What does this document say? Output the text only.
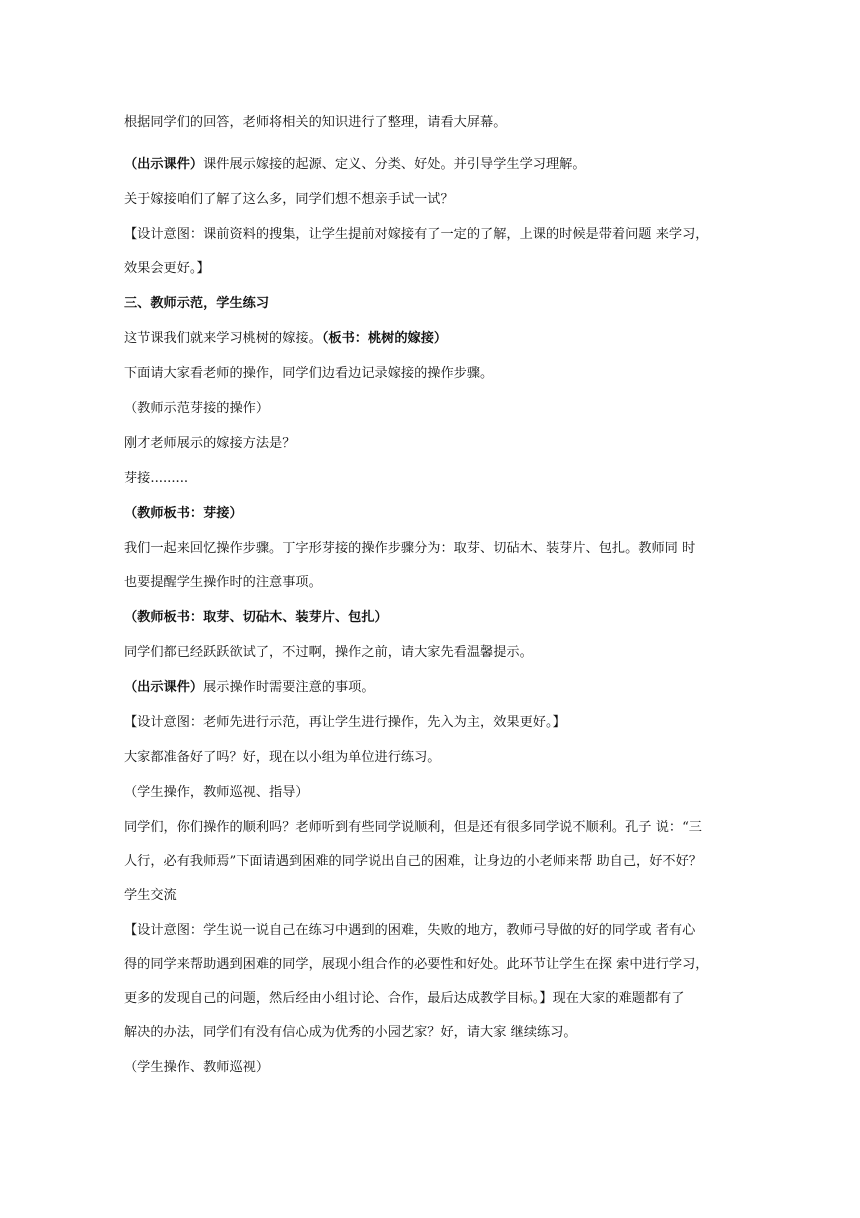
根据同学们的回答，老师将相关的知识进行了整理，请看大屏幕。

（出示课件）课件展示嫁接的起源、定义、分类、好处。并引导学生学习理解。

关于嫁接咱们了解了这么多，同学们想不想亲手试一试？

【设计意图：课前资料的搜集，让学生提前对嫁接有了一定的了解，上课的时候是带着问题 来学习，

效果会更好。】

三、教师示范，学生练习

这节课我们就来学习桃树的嫁接。（板书：桃树的嫁接）

下面请大家看老师的操作，同学们边看边记录嫁接的操作步骤。

（教师示范芽接的操作）

刚才老师展示的嫁接方法是？

芽接.........

（教师板书：芽接）

我们一起来回忆操作步骤。丁字形芽接的操作步骤分为：取芽、切砧木、装芽片、包扎。教师同 时

也要提醒学生操作时的注意事项。

（教师板书：取芽、切砧木、装芽片、包扎）

同学们都已经跃跃欲试了，不过啊，操作之前，请大家先看温馨提示。

（出示课件）展示操作时需要注意的事项。

【设计意图：老师先进行示范，再让学生进行操作，先入为主，效果更好。】

大家都准备好了吗？好，现在以小组为单位进行练习。

（学生操作，教师巡视、指导）

同学们，你们操作的顺利吗？老师听到有些同学说顺利，但是还有很多同学说不顺利。孔子 说：“三

人行，必有我师焉”下面请遇到困难的同学说出自己的困难，让身边的小老师来帮 助自己，好不好？

学生交流

【设计意图：学生说一说自己在练习中遇到的困难，失败的地方，教师弓导做的好的同学或 者有心

得的同学来帮助遇到困难的同学，展现小组合作的必要性和好处。此环节让学生在探 索中进行学习，

更多的发现自己的问题，然后经由小组讨论、合作，最后达成教学目标。】现在大家的难题都有了

解决的办法，同学们有没有信心成为优秀的小园艺家？好，请大家 继续练习。

（学生操作、教师巡视）
